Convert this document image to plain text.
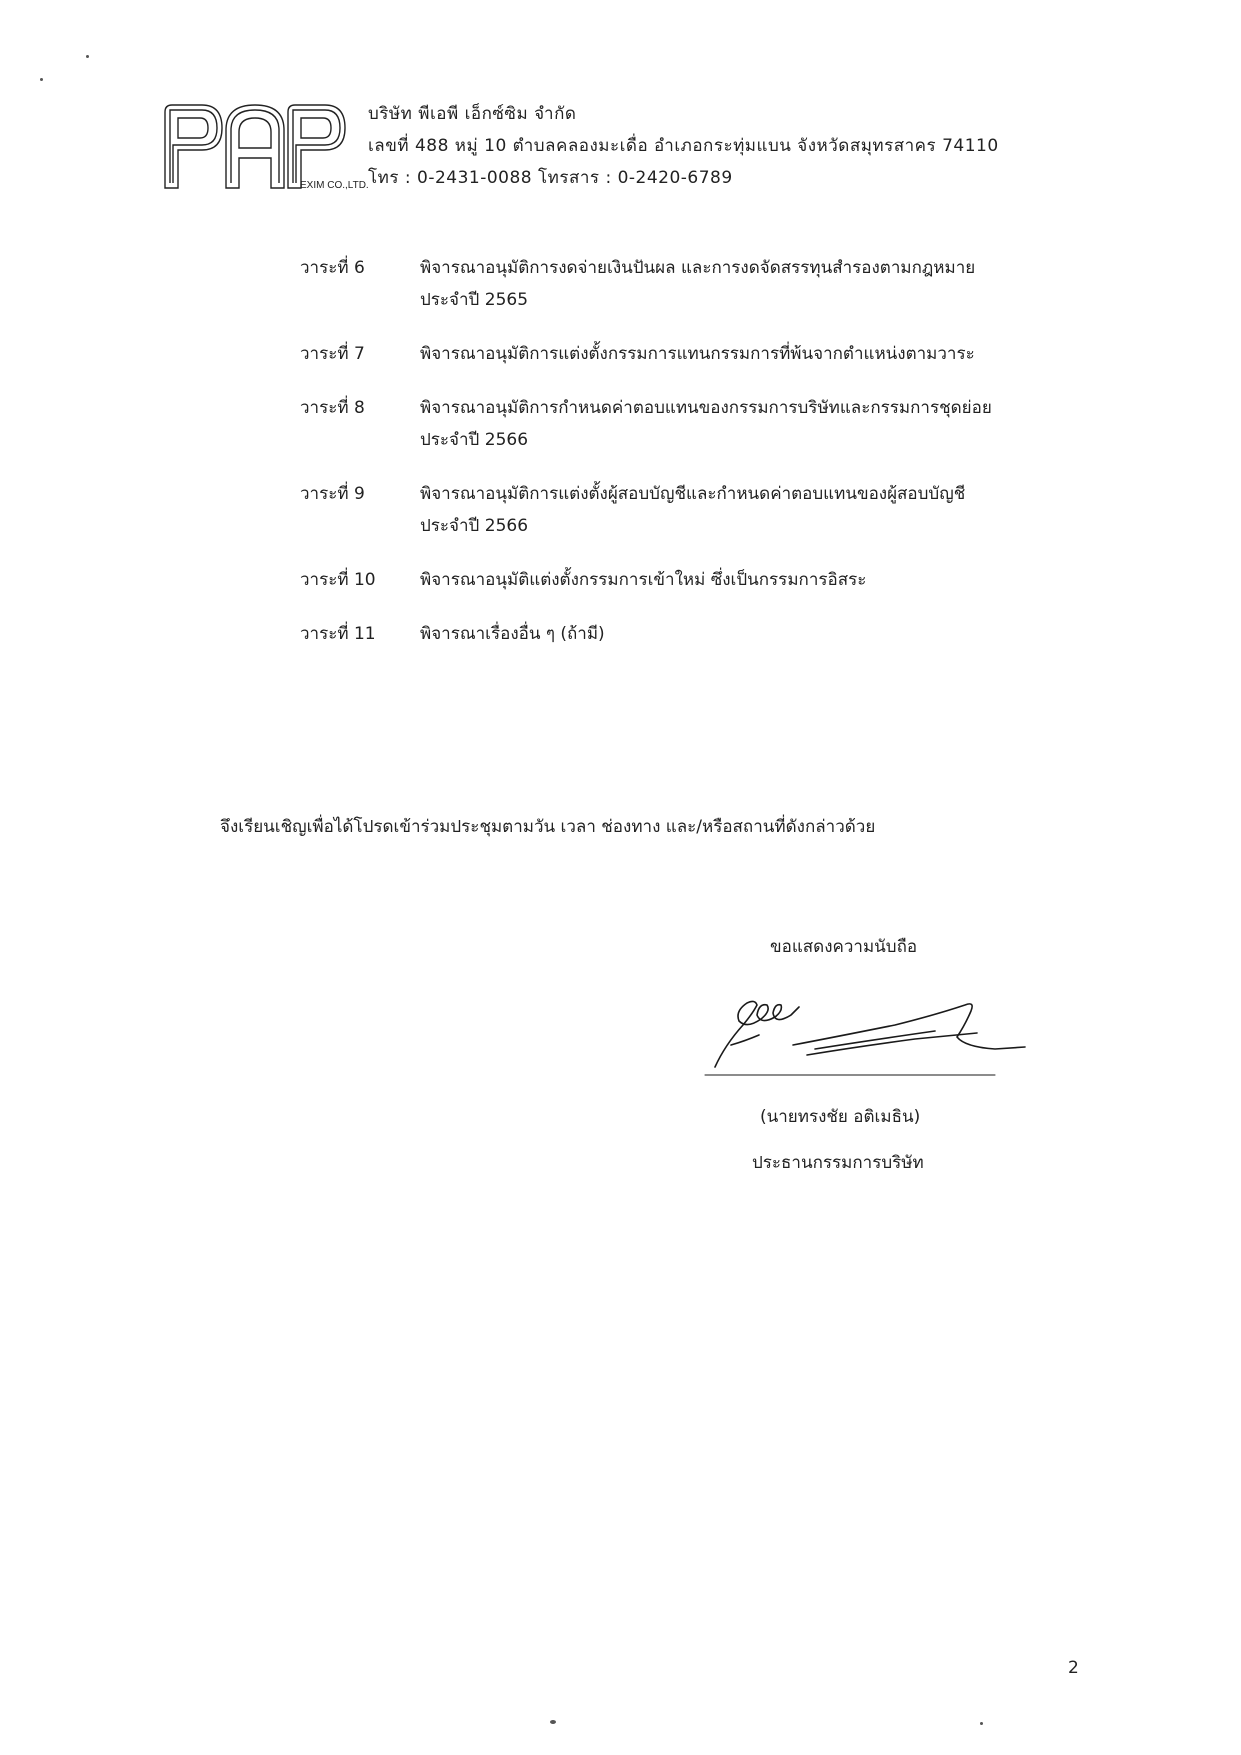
EXIM CO.,LTD.
บริษัท พีเอพี เอ็กซ์ซิม จำกัด
เลขที่ 488 หมู่ 10 ตำบลคลองมะเดื่อ อำเภอกระทุ่มแบน จังหวัดสมุทรสาคร 74110
โทร : 0-2431-0088 โทรสาร : 0-2420-6789
วาระที่ 6	พิจารณาอนุมัติการงดจ่ายเงินปันผล และการงดจัดสรรทุนสำรองตามกฎหมาย
ประจำปี 2565
วาระที่ 7	พิจารณาอนุมัติการแต่งตั้งกรรมการแทนกรรมการที่พ้นจากตำแหน่งตามวาระ
วาระที่ 8	พิจารณาอนุมัติการกำหนดค่าตอบแทนของกรรมการบริษัทและกรรมการชุดย่อย
ประจำปี 2566
วาระที่ 9	พิจารณาอนุมัติการแต่งตั้งผู้สอบบัญชีและกำหนดค่าตอบแทนของผู้สอบบัญชี
ประจำปี 2566
วาระที่ 10	พิจารณาอนุมัติแต่งตั้งกรรมการเข้าใหม่ ซึ่งเป็นกรรมการอิสระ
วาระที่ 11	พิจารณาเรื่องอื่น ๆ (ถ้ามี)
จึงเรียนเชิญเพื่อได้โปรดเข้าร่วมประชุมตามวัน เวลา ช่องทาง และ/หรือสถานที่ดังกล่าวด้วย
ขอแสดงความนับถือ
(นายทรงชัย อติเมธิน)
ประธานกรรมการบริษัท
2
